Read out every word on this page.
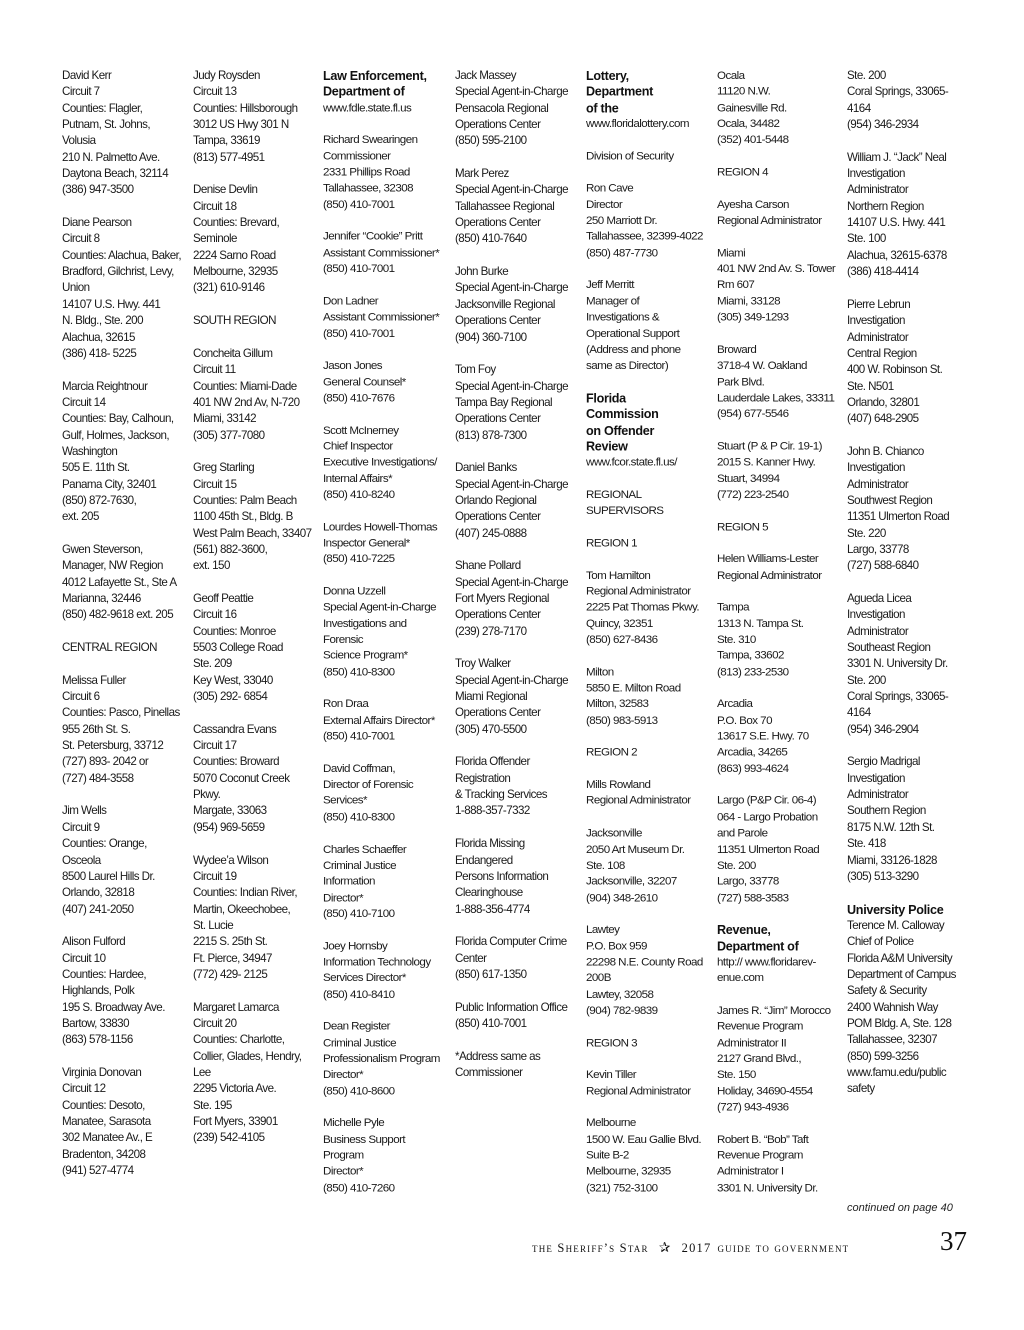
David Kerr
Circuit 7
Counties: Flagler,
Putnam, St. Johns,
Volusia
210 N. Palmetto Ave.
Daytona Beach, 32114
(386) 947-3500
Diane Pearson
Circuit 8
Counties: Alachua, Baker,
Bradford, Gilchrist, Levy,
Union
14107 U.S. Hwy. 441
N. Bldg., Ste. 200
Alachua, 32615
(386) 418- 5225
Marcia Reightnour
Circuit 14
Counties: Bay, Calhoun,
Gulf, Holmes, Jackson,
Washington
505 E. 11th St.
Panama City, 32401
(850) 872-7630,
ext. 205
Gwen Steverson,
Manager, NW Region
4012 Lafayette St., Ste A
Marianna, 32446
(850) 482-9618 ext. 205
CENTRAL REGION
Melissa Fuller
Circuit 6
Counties: Pasco, Pinellas
955 26th St. S.
St. Petersburg, 33712
(727) 893- 2042 or
(727) 484-3558
Jim Wells
Circuit 9
Counties: Orange,
Osceola
8500 Laurel Hills Dr.
Orlando, 32818
(407) 241-2050
Alison Fulford
Circuit 10
Counties: Hardee,
Highlands, Polk
195 S. Broadway Ave.
Bartow, 33830
(863) 578-1156
Virginia Donovan
Circuit 12
Counties: Desoto,
Manatee, Sarasota
302 Manatee Av., E
Bradenton, 34208
(941) 527-4774
Judy Roysden
Circuit 13
Counties: Hillsborough
3012 US Hwy 301 N
Tampa, 33619
(813) 577-4951
Denise Devlin
Circuit 18
Counties: Brevard,
Seminole
2224 Sarno Road
Melbourne, 32935
(321) 610-9146
SOUTH REGION
Concheita Gillum
Circuit 11
Counties: Miami-Dade
401 NW 2nd Av, N-720
Miami, 33142
(305) 377-7080
Greg Starling
Circuit 15
Counties: Palm Beach
1100 45th St., Bldg. B
West Palm Beach, 33407
(561) 882-3600,
ext. 150
Geoff Peattie
Circuit 16
Counties: Monroe
5503 College Road
Ste. 209
Key West, 33040
(305) 292- 6854
Cassandra Evans
Circuit 17
Counties: Broward
5070 Coconut Creek
Pkwy.
Margate, 33063
(954) 969-5659
Wydee’a Wilson
Circuit 19
Counties: Indian River,
Martin, Okeechobee,
St. Lucie
2215 S. 25th St.
Ft. Pierce, 34947
(772) 429- 2125
Margaret Lamarca
Circuit 20
Counties: Charlotte,
Collier, Glades, Hendry,
Lee
2295 Victoria Ave.
Ste. 195
Fort Myers, 33901
(239) 542-4105
Law Enforcement,
Department of
www.fdle.state.fl.us
Richard Swearingen
Commissioner
2331 Phillips Road
Tallahassee, 32308
(850) 410-7001
Jennifer “Cookie” Pritt
Assistant Commissioner*
(850) 410-7001
Don Ladner
Assistant Commissioner*
(850) 410-7001
Jason Jones
General Counsel*
(850) 410-7676
Scott McInerney
Chief Inspector
Executive Investigations/
Internal Affairs*
(850) 410-8240
Lourdes Howell-Thomas
Inspector General*
(850) 410-7225
Donna Uzzell
Special Agent-in-Charge
Investigations and
Forensic
Science Program*
(850) 410-8300
Ron Draa
External Affairs Director*
(850) 410-7001
David Coffman,
Director of Forensic
Services*
(850) 410-8300
Charles Schaeffer
Criminal Justice
Information
Director*
(850) 410-7100
Joey Hornsby
Information Technology
Services Director*
(850) 410-8410
Dean Register
Criminal Justice
Professionalism Program
Director*
(850) 410-8600
Michelle Pyle
Business Support
Program
Director*
(850) 410-7260
Jack Massey
Special Agent-in-Charge
Pensacola Regional
Operations Center
(850) 595-2100
Mark Perez
Special Agent-in-Charge
Tallahassee Regional
Operations Center
(850) 410-7640
John Burke
Special Agent-in-Charge
Jacksonville Regional
Operations Center
(904) 360-7100
Tom Foy
Special Agent-in-Charge
Tampa Bay Regional
Operations Center
(813) 878-7300
Daniel Banks
Special Agent-in-Charge
Orlando Regional
Operations Center
(407) 245-0888
Shane Pollard
Special Agent-in-Charge
Fort Myers Regional
Operations Center
(239) 278-7170
Troy Walker
Special Agent-in-Charge
Miami Regional
Operations Center
(305) 470-5500
Florida Offender
Registration
& Tracking Services
1-888-357-7332
Florida Missing
Endangered
Persons Information
Clearinghouse
1-888-356-4774
Florida Computer Crime
Center
(850) 617-1350
Public Information Office
(850) 410-7001
*Address same as
Commissioner
Lottery,
Department
of the
www.floridalottery.com
Division of Security
Ron Cave
Director
250 Marriott Dr.
Tallahassee, 32399-4022
(850) 487-7730
Jeff Merritt
Manager of
Investigations &
Operational Support
(Address and phone
same as Director)
Florida
Commission
on Offender
Review
www.fcor.state.fl.us/
REGIONAL
SUPERVISORS
REGION 1
Tom Hamilton
Regional Administrator
2225 Pat Thomas Pkwy.
Quincy, 32351
(850) 627-8436
Milton
5850 E. Milton Road
Milton, 32583
(850) 983-5913
REGION 2
Mills Rowland
Regional Administrator
Jacksonville
2050 Art Museum Dr.
Ste. 108
Jacksonville, 32207
(904) 348-2610
Lawtey
P.O. Box 959
22298 N.E. County Road
200B
Lawtey, 32058
(904) 782-9839
REGION 3
Kevin Tiller
Regional Administrator
Melbourne
1500 W. Eau Gallie Blvd.
Suite B-2
Melbourne, 32935
(321) 752-3100
Ocala
11120 N.W.
Gainesville Rd.
Ocala, 34482
(352) 401-5448
REGION 4
Ayesha Carson
Regional Administrator
Miami
401 NW 2nd Av. S. Tower
Rm 607
Miami, 33128
(305) 349-1293
Broward
3718-4 W. Oakland
Park Blvd.
Lauderdale Lakes, 33311
(954) 677-5546
Stuart (P & P Cir. 19-1)
2015 S. Kanner Hwy.
Stuart, 34994
(772) 223-2540
REGION 5
Helen Williams-Lester
Regional Administrator
Tampa
1313 N. Tampa St.
Ste. 310
Tampa, 33602
(813) 233-2530
Arcadia
P.O. Box 70
13617 S.E. Hwy. 70
Arcadia, 34265
(863) 993-4624
Largo (P&P Cir. 06-4)
064 - Largo Probation
and Parole
11351 Ulmerton Road
Ste. 200
Largo, 33778
(727) 588-3583
Revenue,
Department of
http:// www.floridarev-
enue.com
James R. “Jim” Morocco
Revenue Program
Administrator II
2127 Grand Blvd.,
Ste. 150
Holiday, 34690-4554
(727) 943-4936
Robert B. “Bob” Taft
Revenue Program
Administrator I
3301 N. University Dr.
Ste. 200
Coral Springs, 33065-
4164
(954) 346-2934
William J. “Jack” Neal
Investigation
Administrator
Northern Region
14107 U.S. Hwy. 441
Ste. 100
Alachua, 32615-6378
(386) 418-4414
Pierre Lebrun
Investigation
Administrator
Central Region
400 W. Robinson St.
Ste. N501
Orlando, 32801
(407) 648-2905
John B. Chianco
Investigation
Administrator
Southwest Region
11351 Ulmerton Road
Ste. 220
Largo, 33778
(727) 588-6840
Agueda Licea
Investigation
Administrator
Southeast Region
3301 N. University Dr.
Ste. 200
Coral Springs, 33065-
4164
(954) 346-2904
Sergio Madrigal
Investigation
Administrator
Southern Region
8175 N.W. 12th St.
Ste. 418
Miami, 33126-1828
(305) 513-3290
University Police
Terence M. Calloway
Chief of Police
Florida A&M University
Department of Campus
Safety & Security
2400 Wahnish Way
POM Bldg. A, Ste. 128
Tallahassee, 32307
(850) 599-3256
www.famu.edu/public
safety
continued on page 40
the Sheriff’s Star ✰ 2017 guide to government	37
